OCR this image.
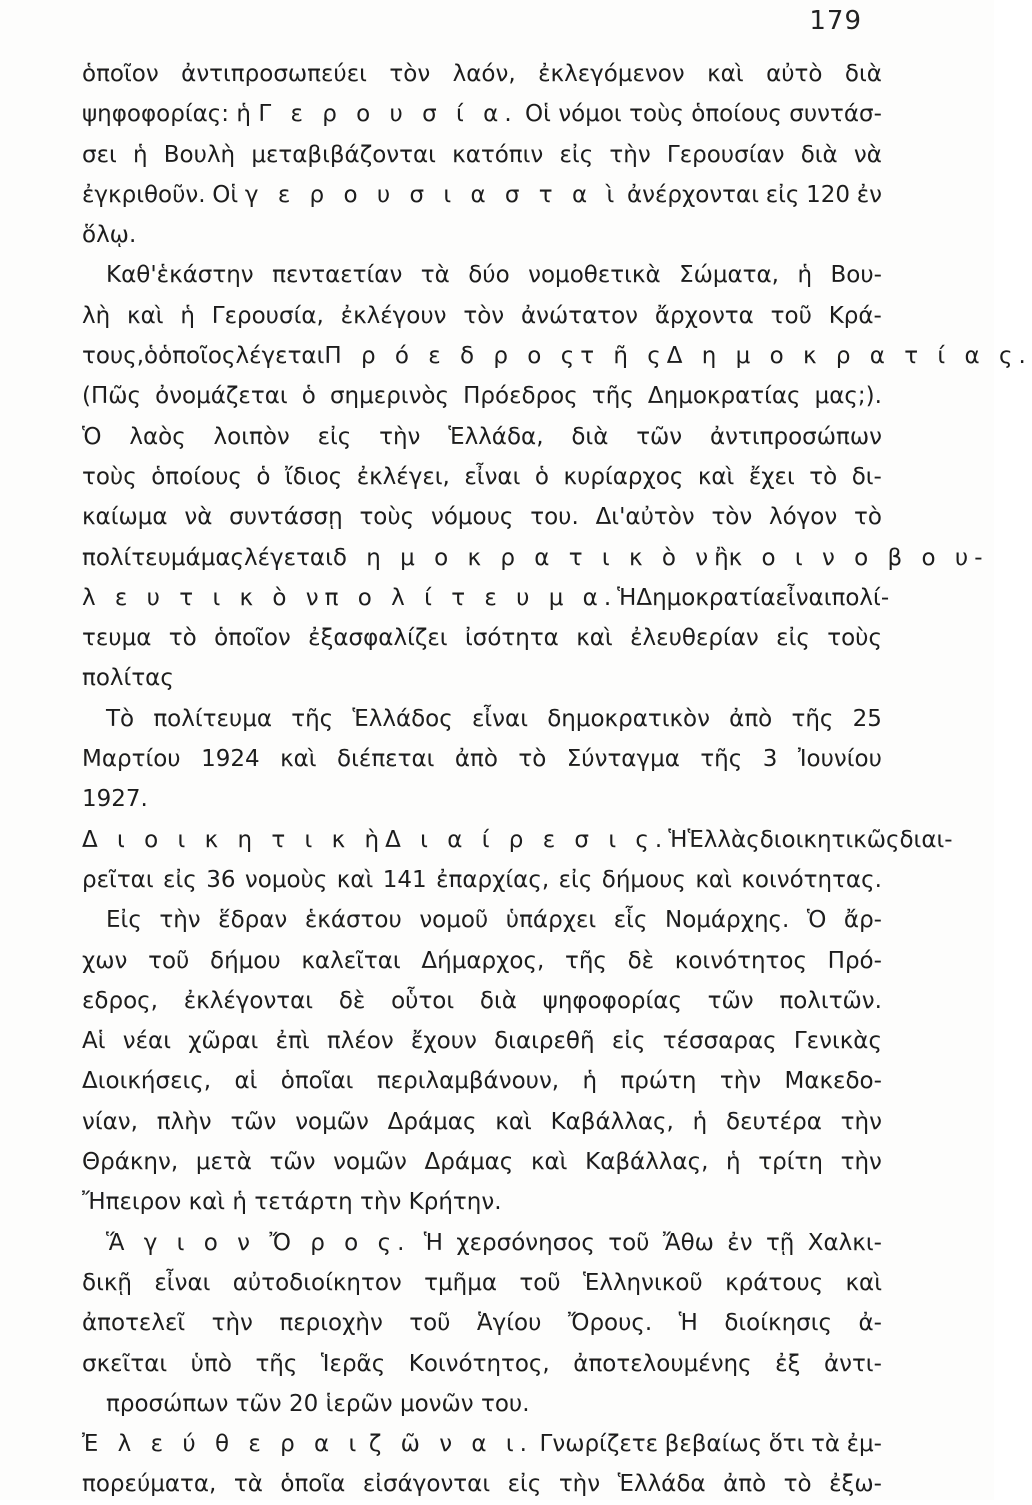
179
ὁποῖον ἀντιπροσωπεύει τὸν λαόν, ἐκλεγόμενον καὶ αὐτὸ διὰ
ψηφοφορίας: ἡ Γ ε ρ ο υ σ ί α. Οἱ νόμοι τοὺς ὁποίους συντάσ-
σει ἡ Βουλὴ μεταβιβάζονται κατόπιν εἰς τὴν Γερουσίαν διὰ νὰ
ἐγκριθοῦν. Οἱ γ ε ρ ο υ σ ι α σ τ α ὶ ἀνέρχονται εἰς 120 ἐν
ὅλῳ.
Καθ'ἑκάστην πενταετίαν τὰ δύο νομοθετικὰ Σώματα, ἡ Βου-
λὴ καὶ ἡ Γερουσία, ἐκλέγουν τὸν ἀνώτατον ἄρχοντα τοῦ Κρά-
τους, ὁ ὁποῖος λέγεται Π ρ ό ε δ ρ ο ς τ ῆ ς Δ η μ ο κ ρ α τ ί α ς.
(Πῶς ὀνομάζεται ὁ σημερινὸς Πρόεδρος τῆς Δημοκρατίας μας;).
Ὁ λαὸς λοιπὸν εἰς τὴν Ἑλλάδα, διὰ τῶν ἀντιπροσώπων
τοὺς ὁποίους ὁ ἴδιος ἐκλέγει, εἶναι ὁ κυρίαρχος καὶ ἔχει τὸ δι-
καίωμα νὰ συντάσσῃ τοὺς νόμους του. Δι'αὐτὸν τὸν λόγον τὸ
πολίτευμά μας λέγεται δ η μ ο κ ρ α τ ι κ ὸ ν ἢ κ ο ι ν ο β ο υ-
λ ε υ τ ι κ ὸ ν π ο λ ί τ ε υ μ α. Ἡ Δημοκρατία εἶναι πολί-
τευμα τὸ ὁποῖον ἐξασφαλίζει ἰσότητα καὶ ἐλευθερίαν εἰς τοὺς
πολίτας
Τὸ πολίτευμα τῆς Ἑλλάδος εἶναι δημοκρατικὸν ἀπὸ τῆς 25
Μαρτίου 1924 καὶ διέπεται ἀπὸ τὸ Σύνταγμα τῆς 3 Ἰουνίου
1927.
Δ ι ο ι κ η τ ι κ ὴ Δ ι α ί ρ ε σ ι ς. Ἡ Ἑλλὰς διοικητικῶς διαι-
ρεῖται εἰς 36 νομοὺς καὶ 141 ἐπαρχίας, εἰς δήμους καὶ κοινότητας.
Εἰς τὴν ἕδραν ἑκάστου νομοῦ ὑπάρχει εἷς Νομάρχης. Ὁ ἄρ-
χων τοῦ δήμου καλεῖται Δήμαρχος, τῆς δὲ κοινότητος Πρό-
εδρος, ἐκλέγονται δὲ οὗτοι διὰ ψηφοφορίας τῶν πολιτῶν.
Αἱ νέαι χῶραι ἐπὶ πλέον ἔχουν διαιρεθῆ εἰς τέσσαρας Γενικὰς
Διοικήσεις, αἱ ὁποῖαι περιλαμβάνουν, ἡ πρώτη τὴν Μακεδο-
νίαν, πλὴν τῶν νομῶν Δράμας καὶ Καβάλλας, ἡ δευτέρα τὴν
Θράκην, μετὰ τῶν νομῶν Δράμας καὶ Καβάλλας, ἡ τρίτη τὴν
Ἤπειρον καὶ ἡ τετάρτη τὴν Κρήτην.
Ἅ γ ι ο ν Ὄ ρ ο ς. Ἡ χερσόνησος τοῦ Ἄθω ἐν τῇ Χαλκι-
δικῇ εἶναι αὐτοδιοίκητον τμῆμα τοῦ Ἑλληνικοῦ κράτους καὶ
ἀποτελεῖ τὴν περιοχὴν τοῦ Ἁγίου Ὄρους. Ἡ διοίκησις ἀ-
σκεῖται ὑπὸ τῆς Ἱερᾶς Κοινότητος, ἀποτελουμένης ἐξ ἀντι-
προσώπων τῶν 20 ἱερῶν μονῶν του.
Ἐ λ ε ύ θ ε ρ α ι ζ ῶ ν α ι. Γνωρίζετε βεβαίως ὅτι τὰ ἐμ-
πορεύματα, τὰ ὁποῖα εἰσάγονται εἰς τὴν Ἑλλάδα ἀπὸ τὸ ἐξω-
